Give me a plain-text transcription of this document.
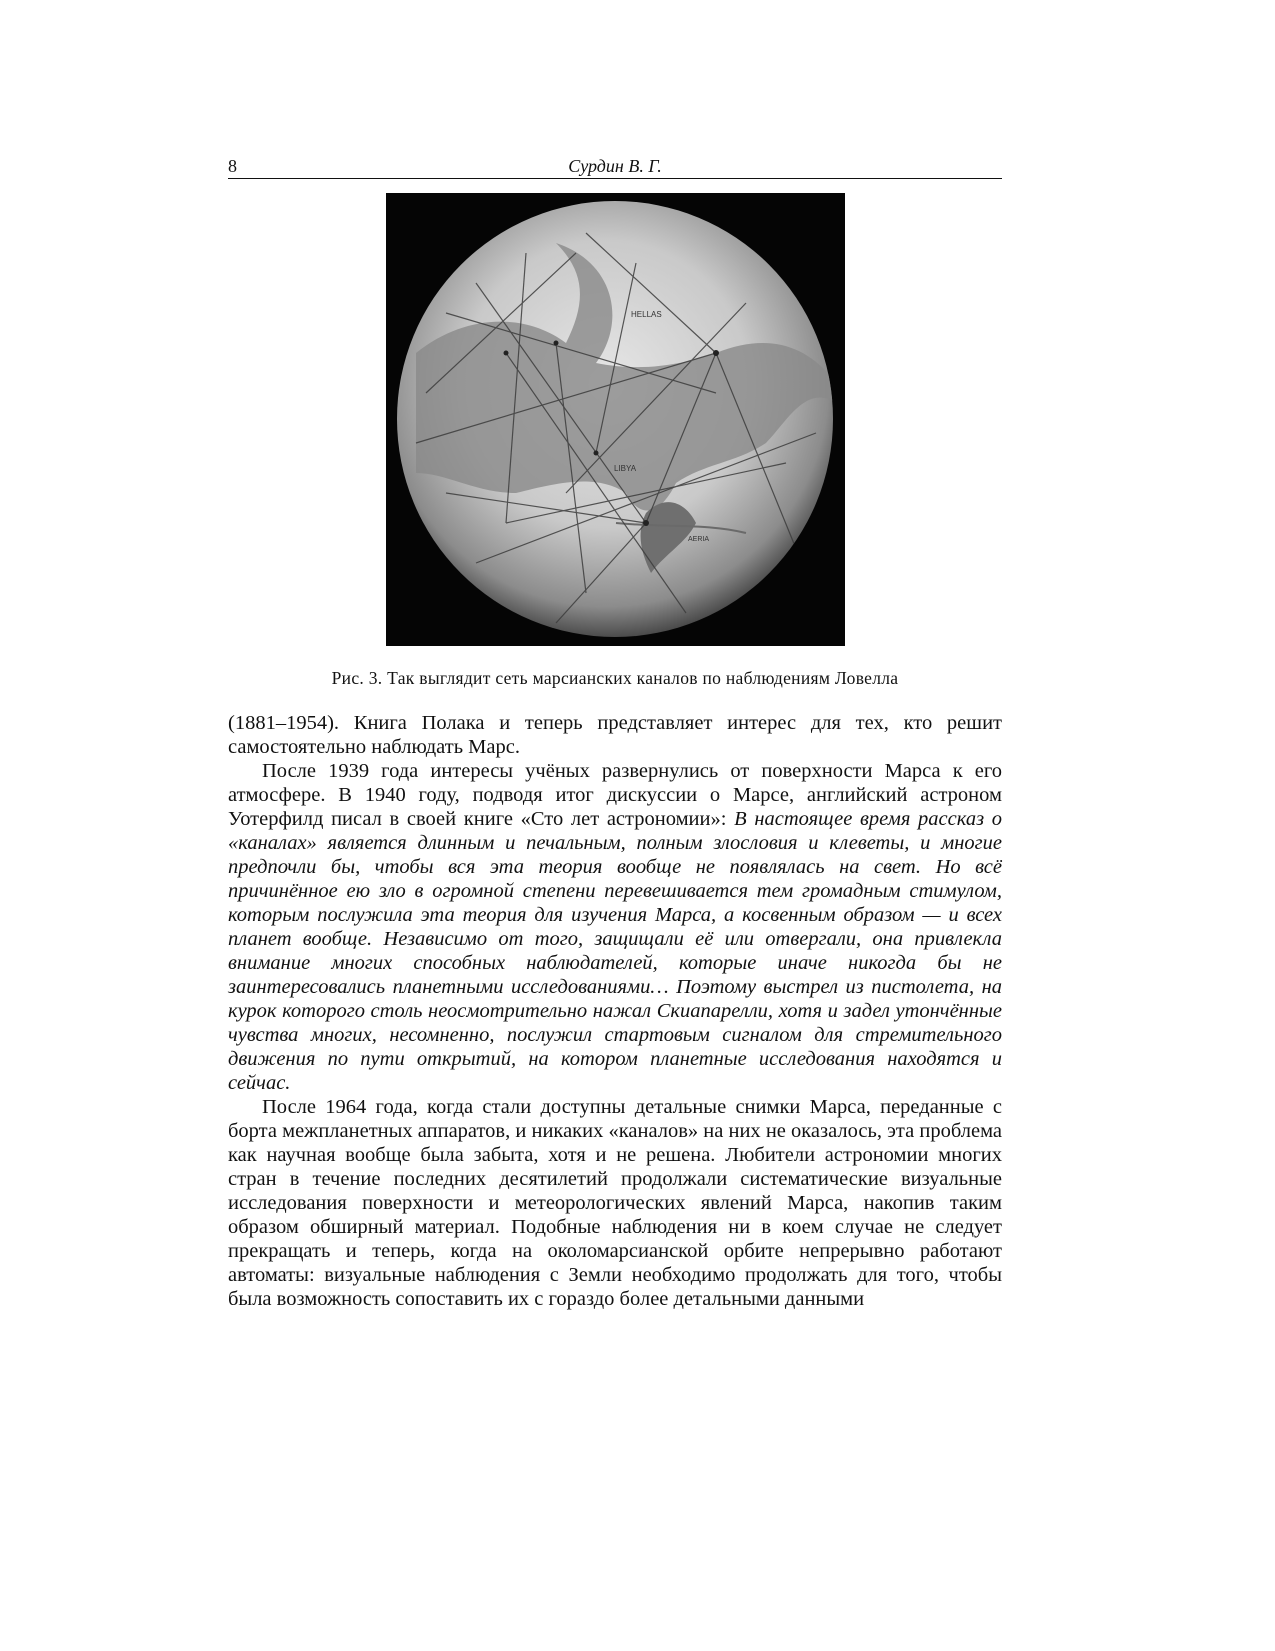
8	Сурдин В. Г.
HELLAS
LIBYA
AERIA
Рис. 3. Так выглядит сеть марсианских каналов по наблюдениям Ловелла

(1881–1954). Книга Полака и теперь представляет интерес для тех, кто решит самостоятельно наблюдать Марс.

После 1939 года интересы учёных развернулись от поверхности Марса к его атмосфере. В 1940 году, подводя итог дискуссии о Марсе, английский астроном Уотерфилд писал в своей книге «Сто лет астрономии»: В настоящее время рассказ о «каналах» является длинным и печальным, полным злословия и клеветы, и многие предпочли бы, чтобы вся эта теория вообще не появлялась на свет. Но всё причинённое ею зло в огромной степени перевешивается тем громадным стимулом, которым послужила эта теория для изучения Марса, а косвенным образом — и всех планет вообще. Независимо от того, защищали её или отвергали, она привлекла внимание многих способных наблюдателей, которые иначе никогда бы не заинтересовались планетными исследованиями… Поэтому выстрел из пистолета, на курок которого столь неосмотрительно нажал Скиапарелли, хотя и задел утончённые чувства многих, несомненно, послужил стартовым сигналом для стремительного движения по пути открытий, на котором планетные исследования находятся и сейчас.

После 1964 года, когда стали доступны детальные снимки Марса, переданные с борта межпланетных аппаратов, и никаких «каналов» на них не оказалось, эта проблема как научная вообще была забыта, хотя и не решена. Любители астрономии многих стран в течение последних десятилетий продолжали систематические визуальные исследования поверхности и метеорологических явлений Марса, накопив таким образом обширный материал. Подобные наблюдения ни в коем случае не следует прекращать и теперь, когда на околомарсианской орбите непрерывно работают автоматы: визуальные наблюдения с Земли необходимо продолжать для того, чтобы была возможность сопоставить их с гораздо более детальными данными
